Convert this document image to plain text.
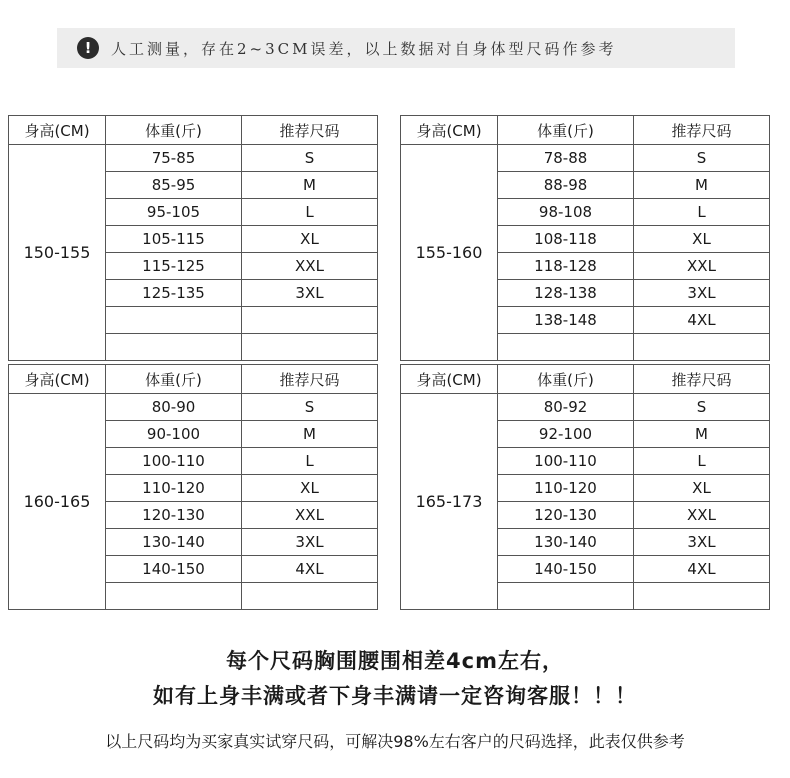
!	人工测量，存在2~3CM误差，以上数据对自身体型尺码作参考
身高(CM)	体重(斤)	推荐尺码
150-155	75-85	S
	85-95	M
	95-105	L
	105-115	XL
	115-125	XXL
	125-135	3XL

身高(CM)	体重(斤)	推荐尺码
155-160	78-88	S
	88-98	M
	98-108	L
	108-118	XL
	118-128	XXL
	128-138	3XL
	138-148	4XL

身高(CM)	体重(斤)	推荐尺码
160-165	80-90	S
	90-100	M
	100-110	L
	110-120	XL
	120-130	XXL
	130-140	3XL
	140-150	4XL

身高(CM)	体重(斤)	推荐尺码
165-173	80-92	S
	92-100	M
	100-110	L
	110-120	XL
	120-130	XXL
	130-140	3XL
	140-150	4XL

每个尺码胸围腰围相差4cm左右，
如有上身丰满或者下身丰满请一定咨询客服！！！
以上尺码均为买家真实试穿尺码，可解决98%左右客户的尺码选择，此表仅供参考
